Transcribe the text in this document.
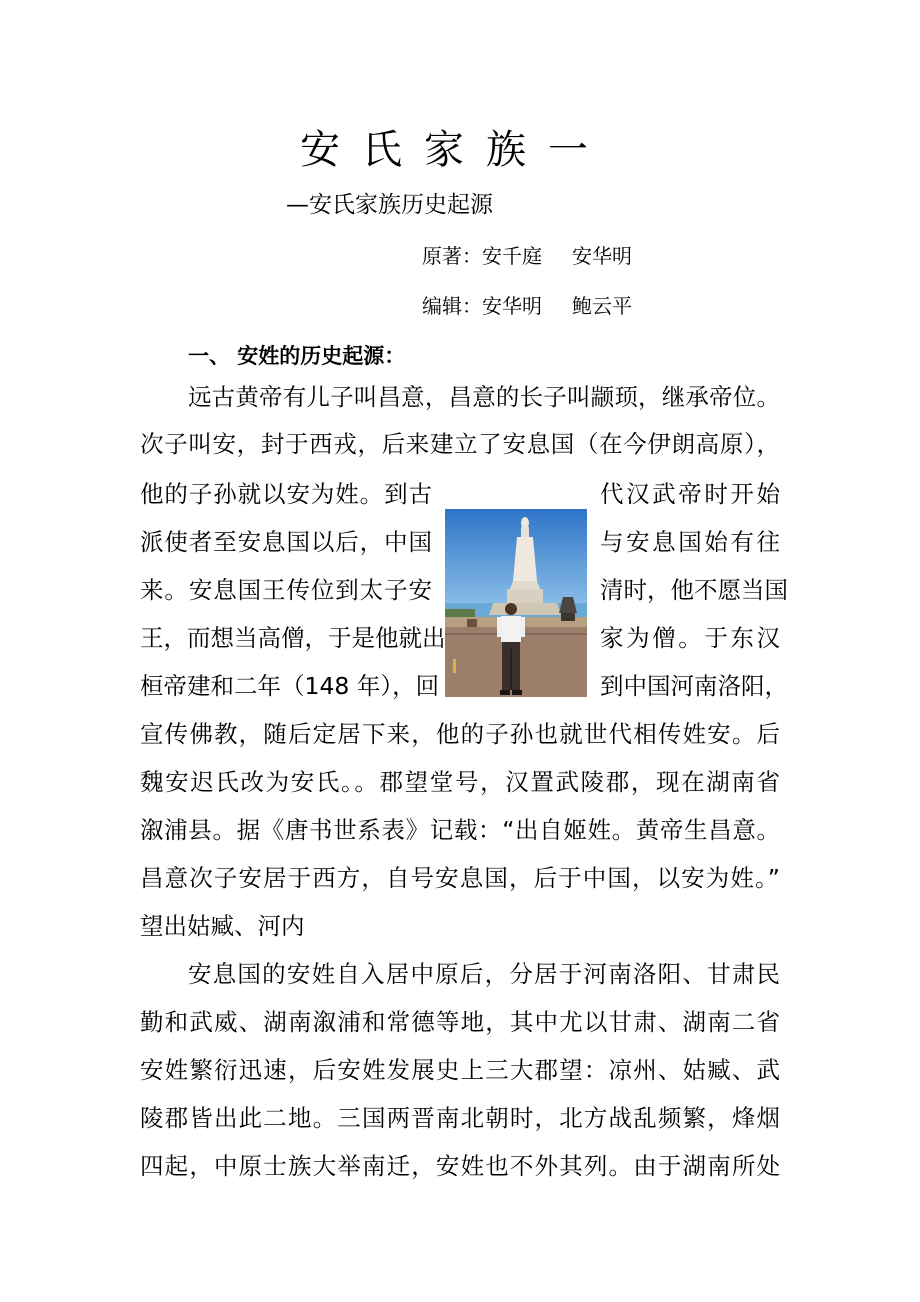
安氏家族一
—安氏家族历史起源
原著：安千庭 安华明
编辑：安华明 鲍云平
一、 安姓的历史起源：
远古黄帝有儿子叫昌意，昌意的长子叫颛顼，继承帝位。
次子叫安，封于西戎，后来建立了安息国（在今伊朗高原），
他的子孙就以安为姓。到古	代汉武帝时开始
派使者至安息国以后，中国	与安息国始有往
来。安息国王传位到太子安	清时，他不愿当国
王，而想当高僧，于是他就出	家为僧。于东汉
桓帝建和二年（148 年），回	到中国河南洛阳，
宣传佛教，随后定居下来，他的子孙也就世代相传姓安。后
魏安迟氏改为安氏。。郡望堂号，汉置武陵郡，现在湖南省
溆浦县。据《唐书世系表》记载：“出自姬姓。黄帝生昌意。
昌意次子安居于西方，自号安息国，后于中国，以安为姓。”
望出姑臧、河内
安息国的安姓自入居中原后，分居于河南洛阳、甘肃民
勤和武威、湖南溆浦和常德等地，其中尤以甘肃、湖南二省
安姓繁衍迅速，后安姓发展史上三大郡望：凉州、姑臧、武
陵郡皆出此二地。三国两晋南北朝时，北方战乱频繁，烽烟
四起，中原士族大举南迁，安姓也不外其列。由于湖南所处
